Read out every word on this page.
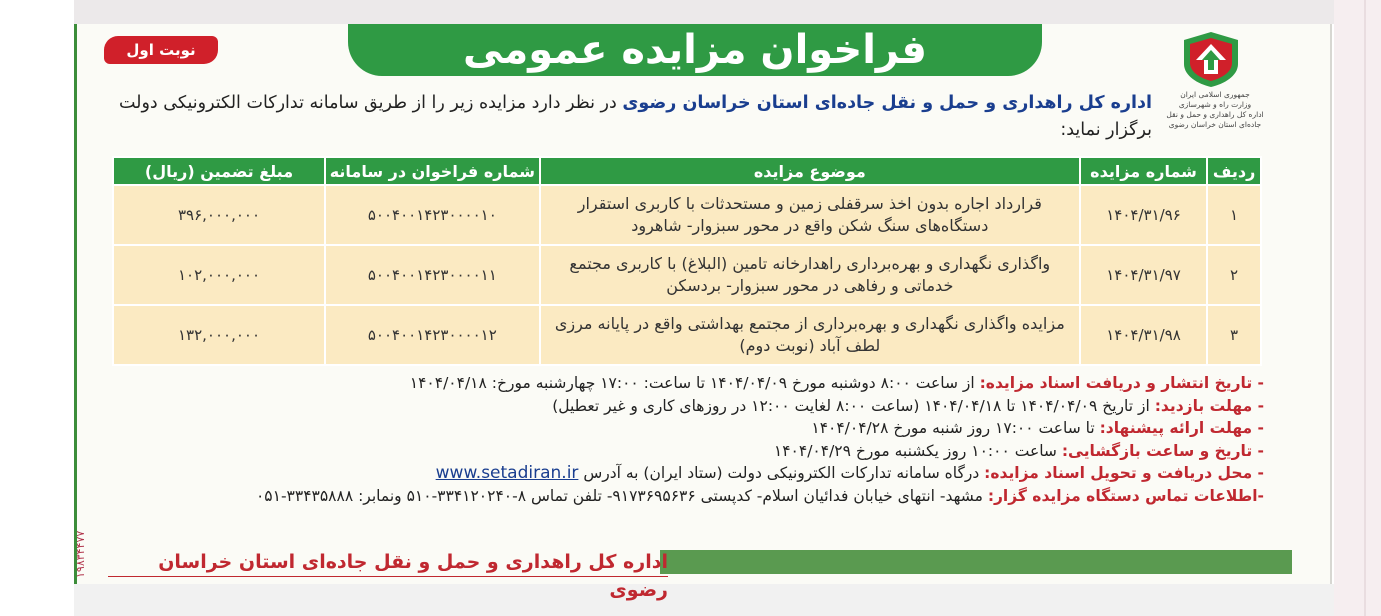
فراخوان مزایده عمومی
نوبت اول
جمهوری اسلامی ایران
وزارت راه و شهرسازی
اداره کل راهداری و حمل و نقل
جاده‌ای استان خراسان رضوی
اداره کل راهداری و حمل و نقل جاده‌ای استان خراسان رضوی در نظر دارد مزایده زیر را از طریق سامانه تدارکات الکترونیکی دولت برگزار نماید:
ردیف	شماره مزایده	موضوع مزایده	شماره فراخوان در سامانه	مبلغ تضمین (ریال)
۱	۱۴۰۴/۳۱/۹۶	قرارداد اجاره بدون اخذ سرقفلی زمین و مستحدثات با کاربری استقرار دستگاه‌های سنگ شکن واقع در محور سبزوار- شاهرود	۵۰۰۴۰۰۱۴۲۳۰۰۰۰۱۰	۳۹۶,۰۰۰,۰۰۰
۲	۱۴۰۴/۳۱/۹۷	واگذاری نگهداری و بهره‌برداری راهدارخانه تامین (البلاغ) با کاربری مجتمع خدماتی و رفاهی در محور سبزوار- بردسکن	۵۰۰۴۰۰۱۴۲۳۰۰۰۰۱۱	۱۰۲,۰۰۰,۰۰۰
۳	۱۴۰۴/۳۱/۹۸	مزایده واگذاری نگهداری و بهره‌برداری از مجتمع بهداشتی واقع در پایانه مرزی لطف آباد (نوبت دوم)	۵۰۰۴۰۰۱۴۲۳۰۰۰۰۱۲	۱۳۲,۰۰۰,۰۰۰
- تاریخ انتشار و دریافت اسناد مزایده: از ساعت ۸:۰۰ دوشنبه مورخ ۱۴۰۴/۰۴/۰۹ تا ساعت: ۱۷:۰۰ چهارشنبه مورخ: ۱۴۰۴/۰۴/۱۸
- مهلت بازدید: از تاریخ ۱۴۰۴/۰۴/۰۹ تا ۱۴۰۴/۰۴/۱۸ (ساعت ۸:۰۰ لغایت ۱۲:۰۰ در روزهای کاری و غیر تعطیل)
- مهلت ارائه پیشنهاد: تا ساعت ۱۷:۰۰ روز شنبه مورخ ۱۴۰۴/۰۴/۲۸
- تاریخ و ساعت بازگشایی: ساعت ۱۰:۰۰ روز یکشنبه مورخ ۱۴۰۴/۰۴/۲۹
- محل دریافت و تحویل اسناد مزایده: درگاه سامانه تدارکات الکترونیکی دولت (ستاد ایران) به آدرس www.setadiran.ir
-اطلاعات تماس دستگاه مزایده گزار: مشهد- انتهای خیابان فدائیان اسلام- کدپستی ۹۱۷۳۶۹۵۶۳۶- تلفن تماس ۸-۳۳۴۱۲۰۲۴۰-۵۱۰ ونمابر: ۳۳۴۳۵۸۸۸-۰۵۱
۱۹۸۳۴۴۷۷	اداره کل راهداری و حمل و نقل جاده‌ای استان خراسان رضوی
